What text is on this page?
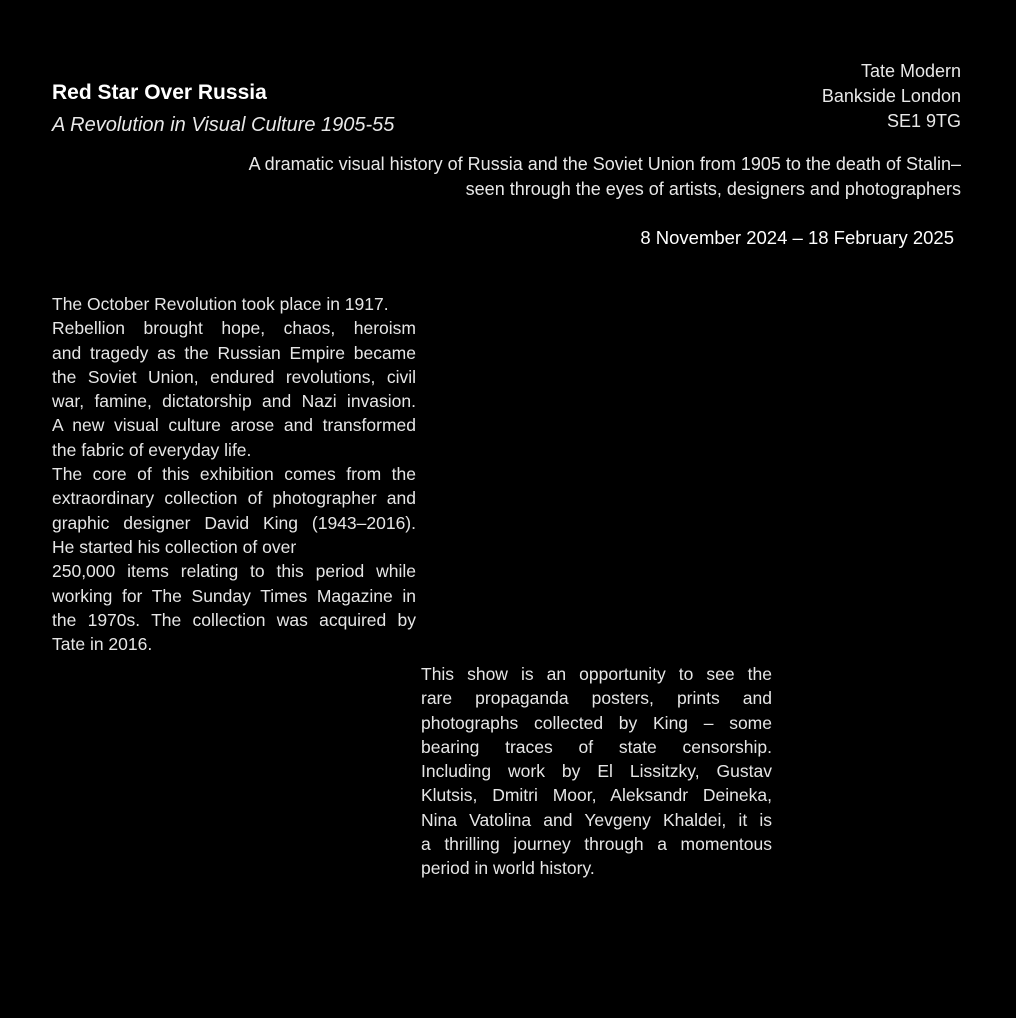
Red Star Over Russia
A Revolution in Visual Culture 1905-55
Tate Modern
Bankside London
SE1 9TG
A dramatic visual history of Russia and the Soviet Union from 1905 to the death of Stalin–
seen through the eyes of artists, designers and photographers
8 November 2024 – 18 February 2025
The October Revolution took place in 1917.
Rebellion brought hope, chaos, heroism
and tragedy as the Russian Empire became
the Soviet Union, endured revolutions, civil
war, famine, dictatorship and Nazi invasion.
A new visual culture arose and transformed
the fabric of everyday life.
The core of this exhibition comes from the
extraordinary collection of photographer and
graphic designer David King (1943–2016).
He started his collection of over
250,000 items relating to this period while
working for The Sunday Times Magazine in
the 1970s. The collection was acquired by
Tate in 2016.
This show is an opportunity to see the
rare propaganda posters, prints and
photographs collected by King – some
bearing traces of state censorship.
Including work by El Lissitzky, Gustav
Klutsis, Dmitri Moor, Aleksandr Deineka,
Nina Vatolina and Yevgeny Khaldei, it is
a thrilling journey through a momentous
period in world history.
